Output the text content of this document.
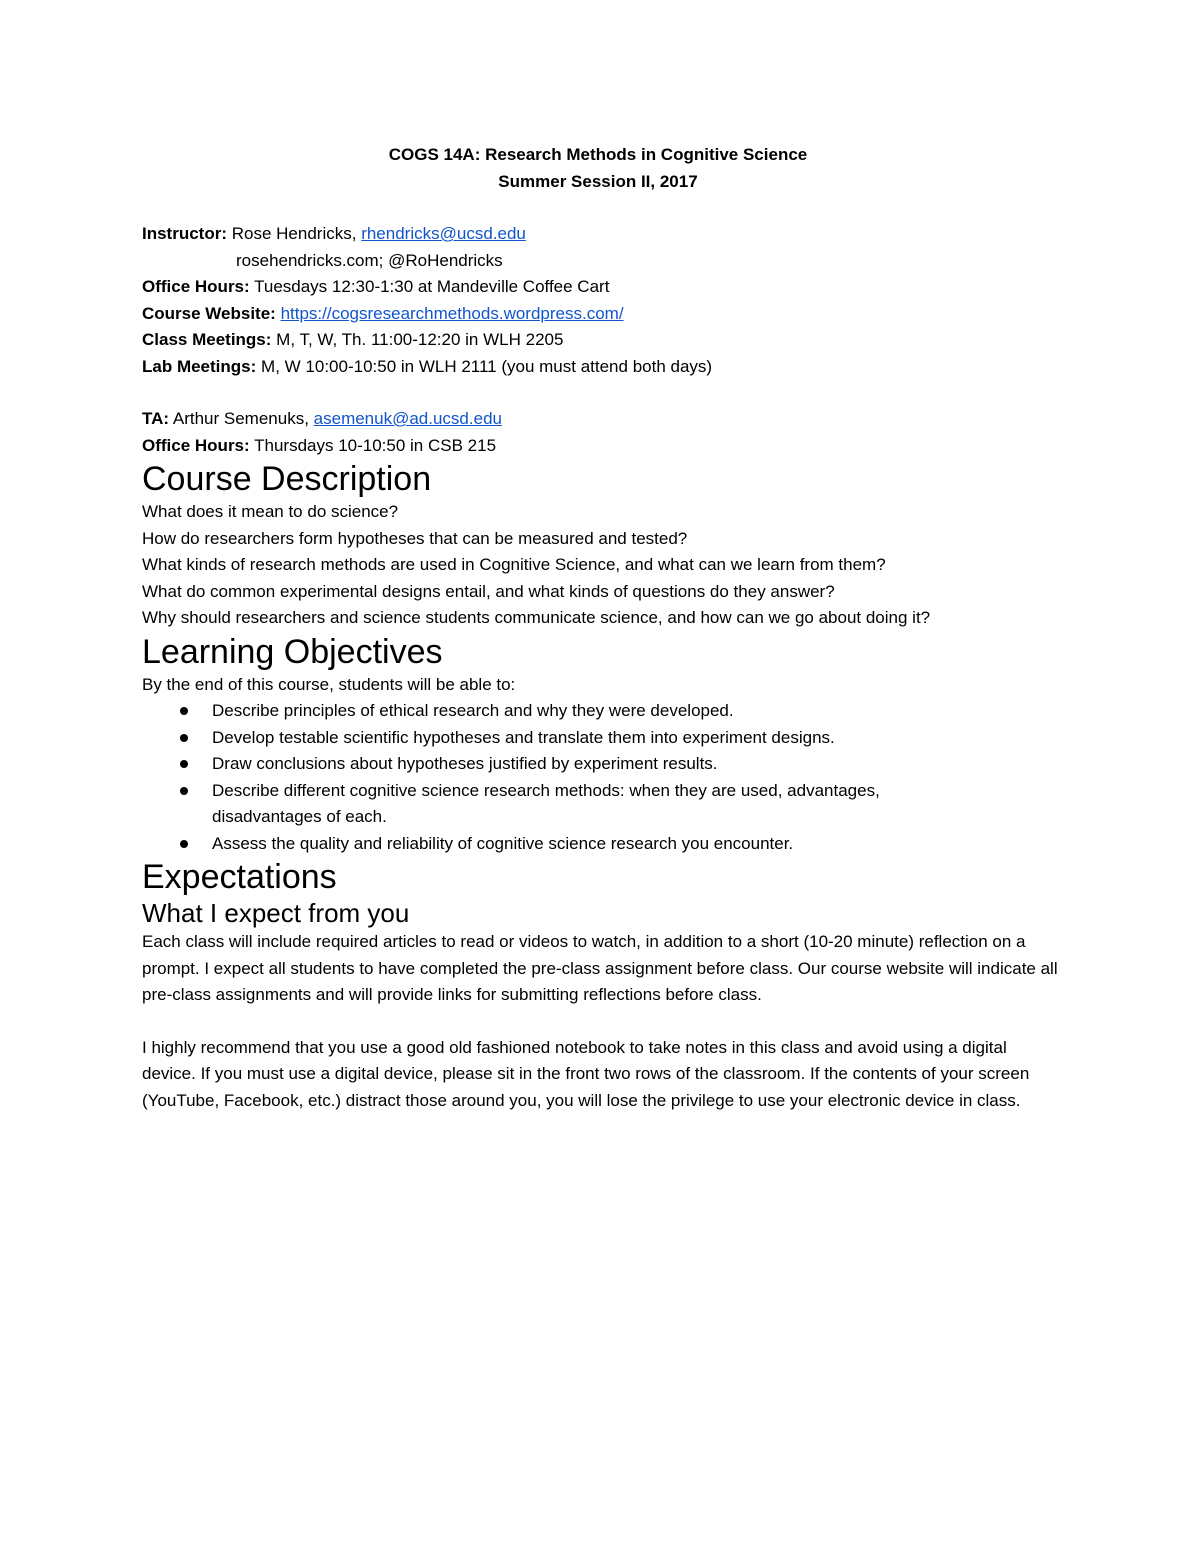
COGS 14A: Research Methods in Cognitive Science
Summer Session II, 2017
Instructor: Rose Hendricks, rhendricks@ucsd.edu
rosehendricks.com; @RoHendricks
Office Hours: Tuesdays 12:30-1:30 at Mandeville Coffee Cart
Course Website: https://cogsresearchmethods.wordpress.com/
Class Meetings: M, T, W, Th. 11:00-12:20 in WLH 2205
Lab Meetings: M, W 10:00-10:50 in WLH 2111 (you must attend both days)
TA: Arthur Semenuks, asemenuk@ad.ucsd.edu
Office Hours: Thursdays 10-10:50 in CSB 215
Course Description
What does it mean to do science?
How do researchers form hypotheses that can be measured and tested?
What kinds of research methods are used in Cognitive Science, and what can we learn from them?
What do common experimental designs entail, and what kinds of questions do they answer?
Why should researchers and science students communicate science, and how can we go about doing it?
Learning Objectives
By the end of this course, students will be able to:
Describe principles of ethical research and why they were developed.
Develop testable scientific hypotheses and translate them into experiment designs.
Draw conclusions about hypotheses justified by experiment results.
Describe different cognitive science research methods: when they are used, advantages, disadvantages of each.
Assess the quality and reliability of cognitive science research you encounter.
Expectations
What I expect from you

Each class will include required articles to read or videos to watch, in addition to a short (10-20 minute) reflection on a prompt. I expect all students to have completed the pre-class assignment before class. Our course website will indicate all pre-class assignments and will provide links for submitting reflections before class.

I highly recommend that you use a good old fashioned notebook to take notes in this class and avoid using a digital device. If you must use a digital device, please sit in the front two rows of the classroom. If the contents of your screen (YouTube, Facebook, etc.) distract those around you, you will lose the privilege to use your electronic device in class.
